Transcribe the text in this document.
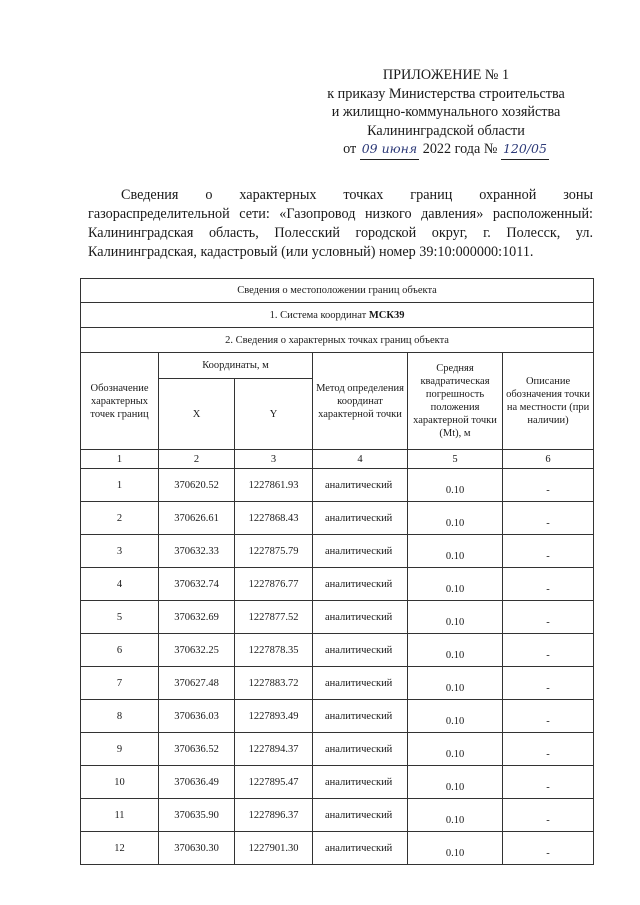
ПРИЛОЖЕНИЕ № 1
к приказу Министерства строительства
и жилищно-коммунального хозяйства
Калининградской области
от 09 июня 2022 года № 120/05
Сведения о характерных точках границ охранной зоны газораспределительной сети: «Газопровод низкого давления» расположенный: Калининградская область, Полесский городской округ, г. Полесск, ул. Калининградская, кадастровый (или условный) номер 39:10:000000:1011.
Сведения о местоположении границ объекта					
1. Система координат МСК39					
2. Сведения о характерных точках границ объекта					
Обозначение характерных точек границ	Координаты, м		Метод определения координат характерной точки	Средняя квадратическая погрешность положения характерной точки (Mt), м	Описание обозначения точки на местности (при наличии)
	X	Y			
1	2	3	4	5	6
1	370620.52	1227861.93	аналитический	0.10	-
2	370626.61	1227868.43	аналитический	0.10	-
3	370632.33	1227875.79	аналитический	0.10	-
4	370632.74	1227876.77	аналитический	0.10	-
5	370632.69	1227877.52	аналитический	0.10	-
6	370632.25	1227878.35	аналитический	0.10	-
7	370627.48	1227883.72	аналитический	0.10	-
8	370636.03	1227893.49	аналитический	0.10	-
9	370636.52	1227894.37	аналитический	0.10	-
10	370636.49	1227895.47	аналитический	0.10	-
11	370635.90	1227896.37	аналитический	0.10	-
12	370630.30	1227901.30	аналитический	0.10	-
